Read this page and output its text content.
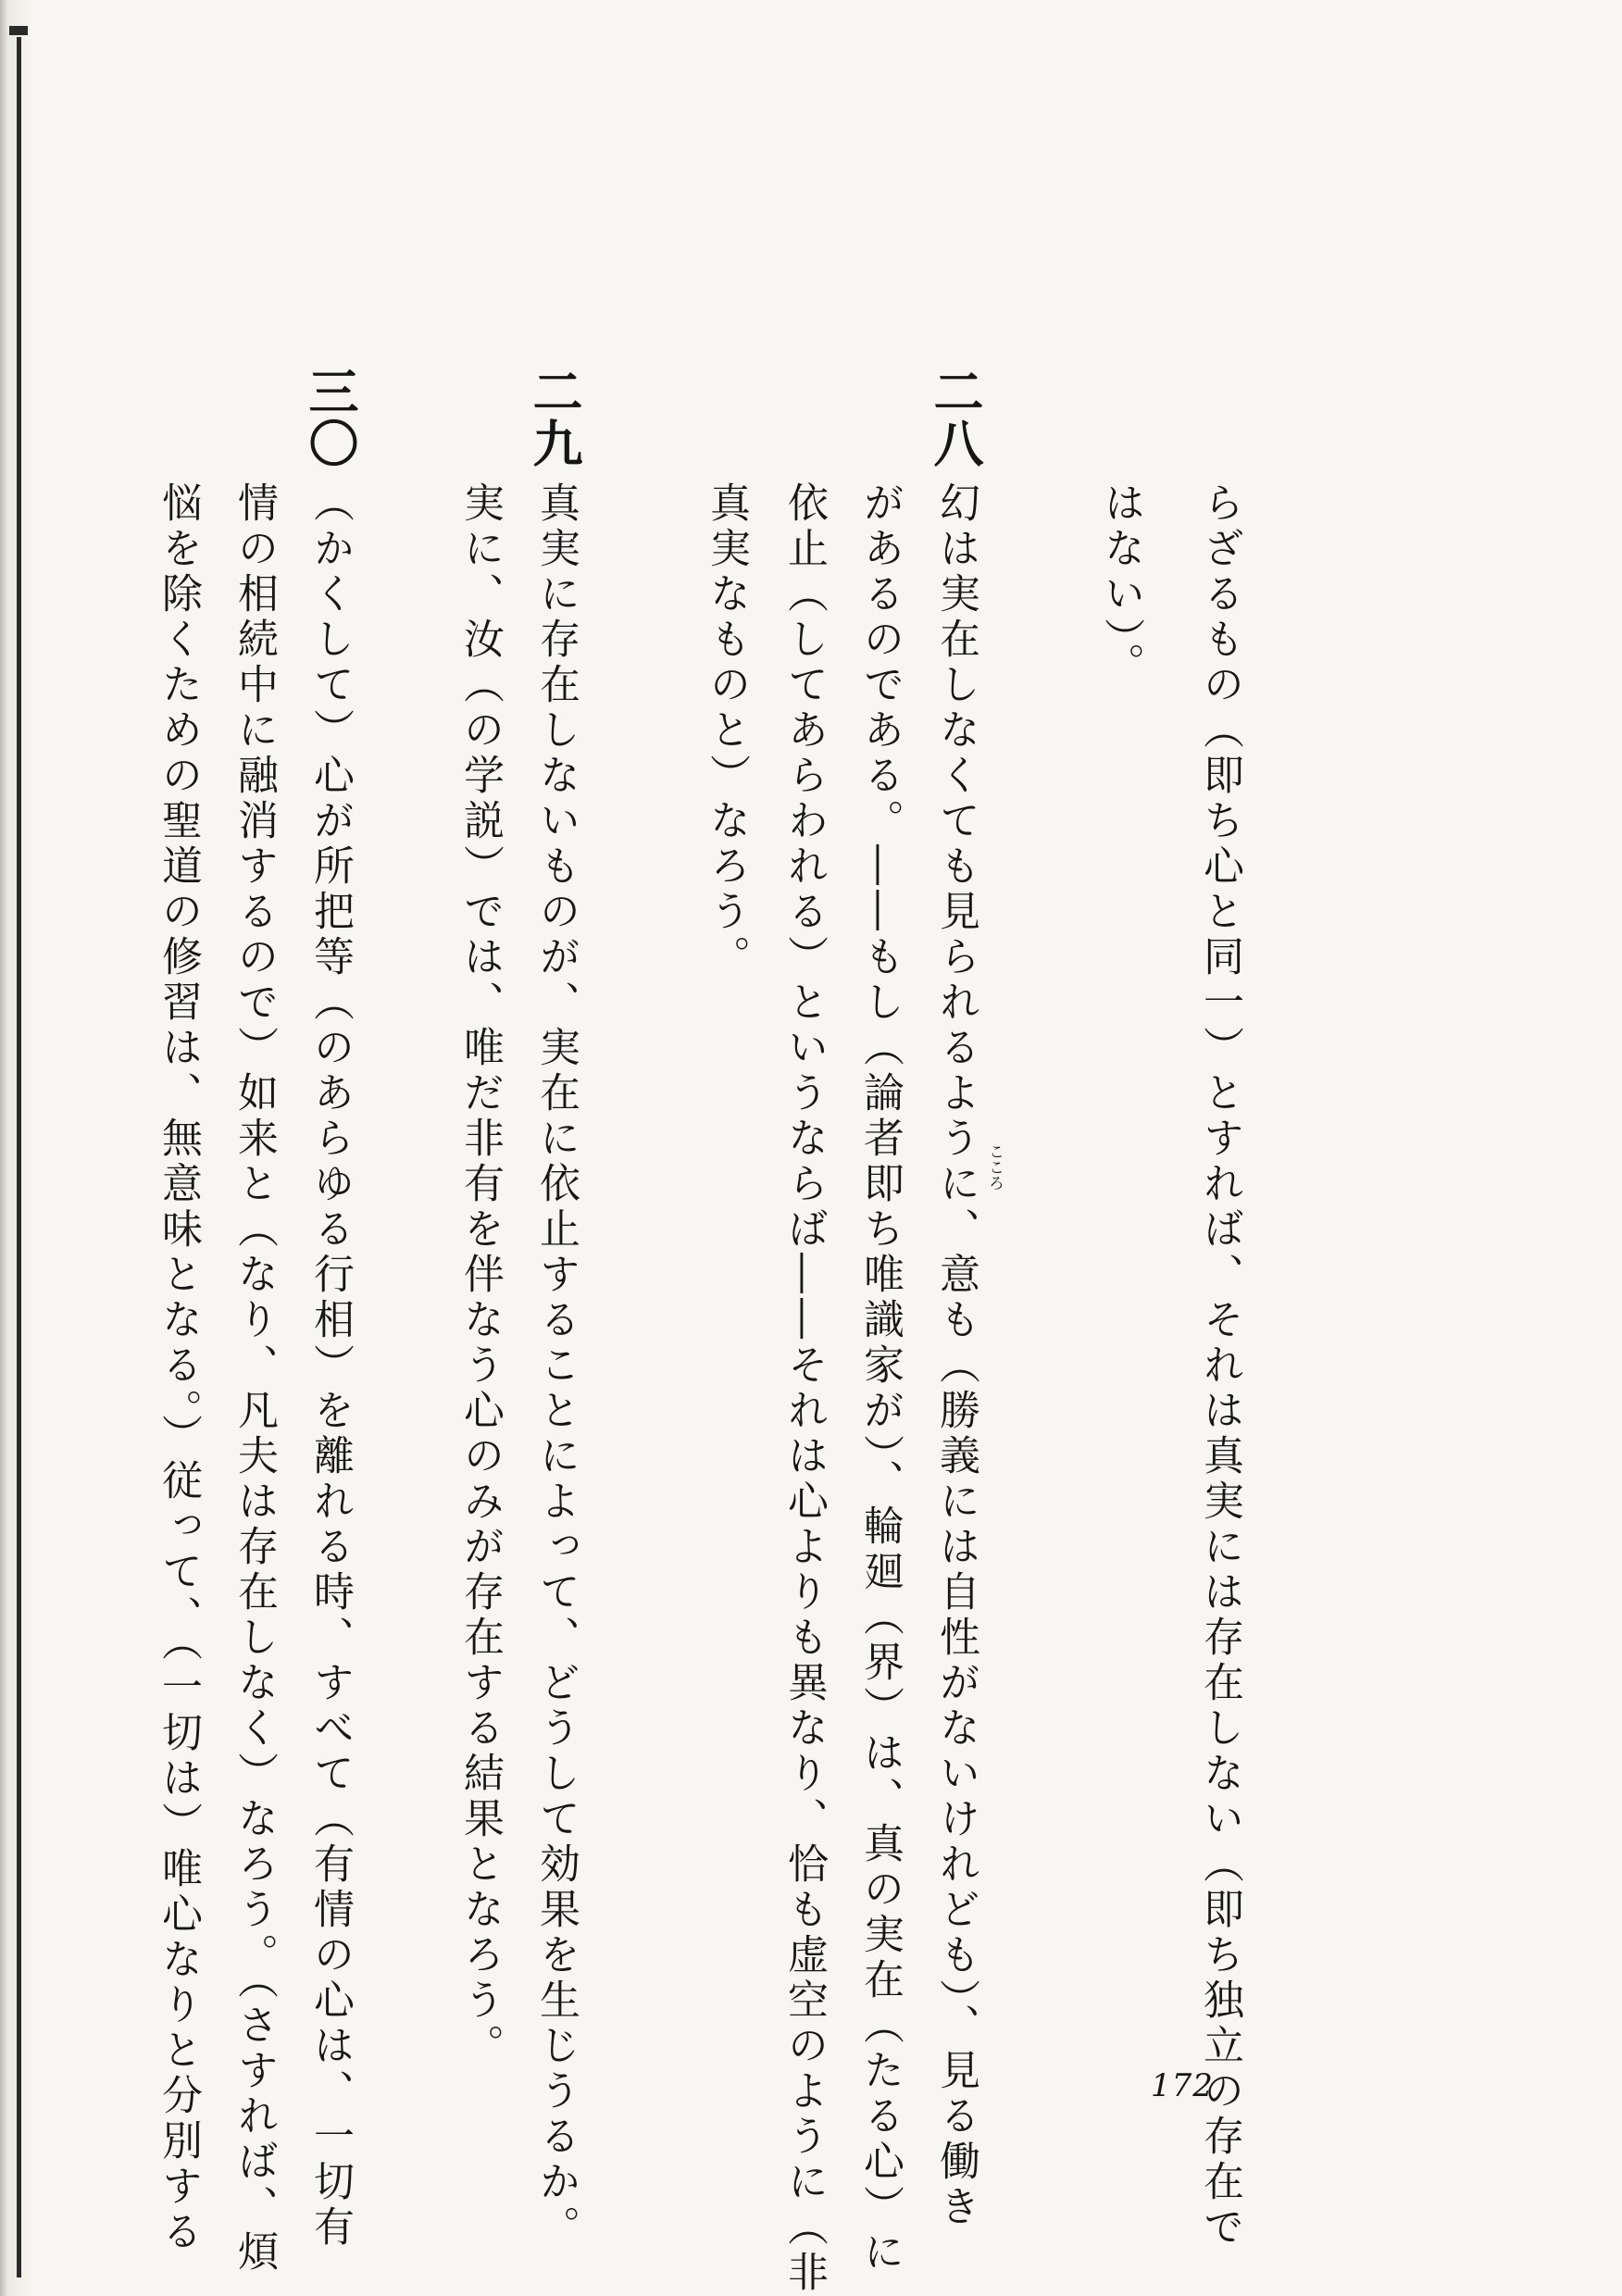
らざるもの（即ち心と同一）とすれば、それは真実には存在しない（即ち独立の存在で

はない）。

二八

幻は実在しなくても見られるように、意も（勝義には自性がないけれども）、見る働き こころ

があるのである。――もし（論者即ち唯識家が）、輪廻（界）は、真の実在（たる心）に

依止（してあらわれる）というならば――それは心よりも異なり、恰も虚空のように（非

真実なものと）なろう。

二九

真実に存在しないものが、実在に依止することによって、どうして効果を生じうるか。

実に、汝（の学説）では、唯だ非有を伴なう心のみが存在する結果となろう。

三〇

（かくして）心が所把等（のあらゆる行相）を離れる時、すべて（有情の心は、一切有

情の相続中に融消するので）如来と（なり、凡夫は存在しなく）なろう。（さすれば、煩

悩を除くための聖道の修習は、無意味となる。）従って、（一切は）唯心なりと分別する	172
